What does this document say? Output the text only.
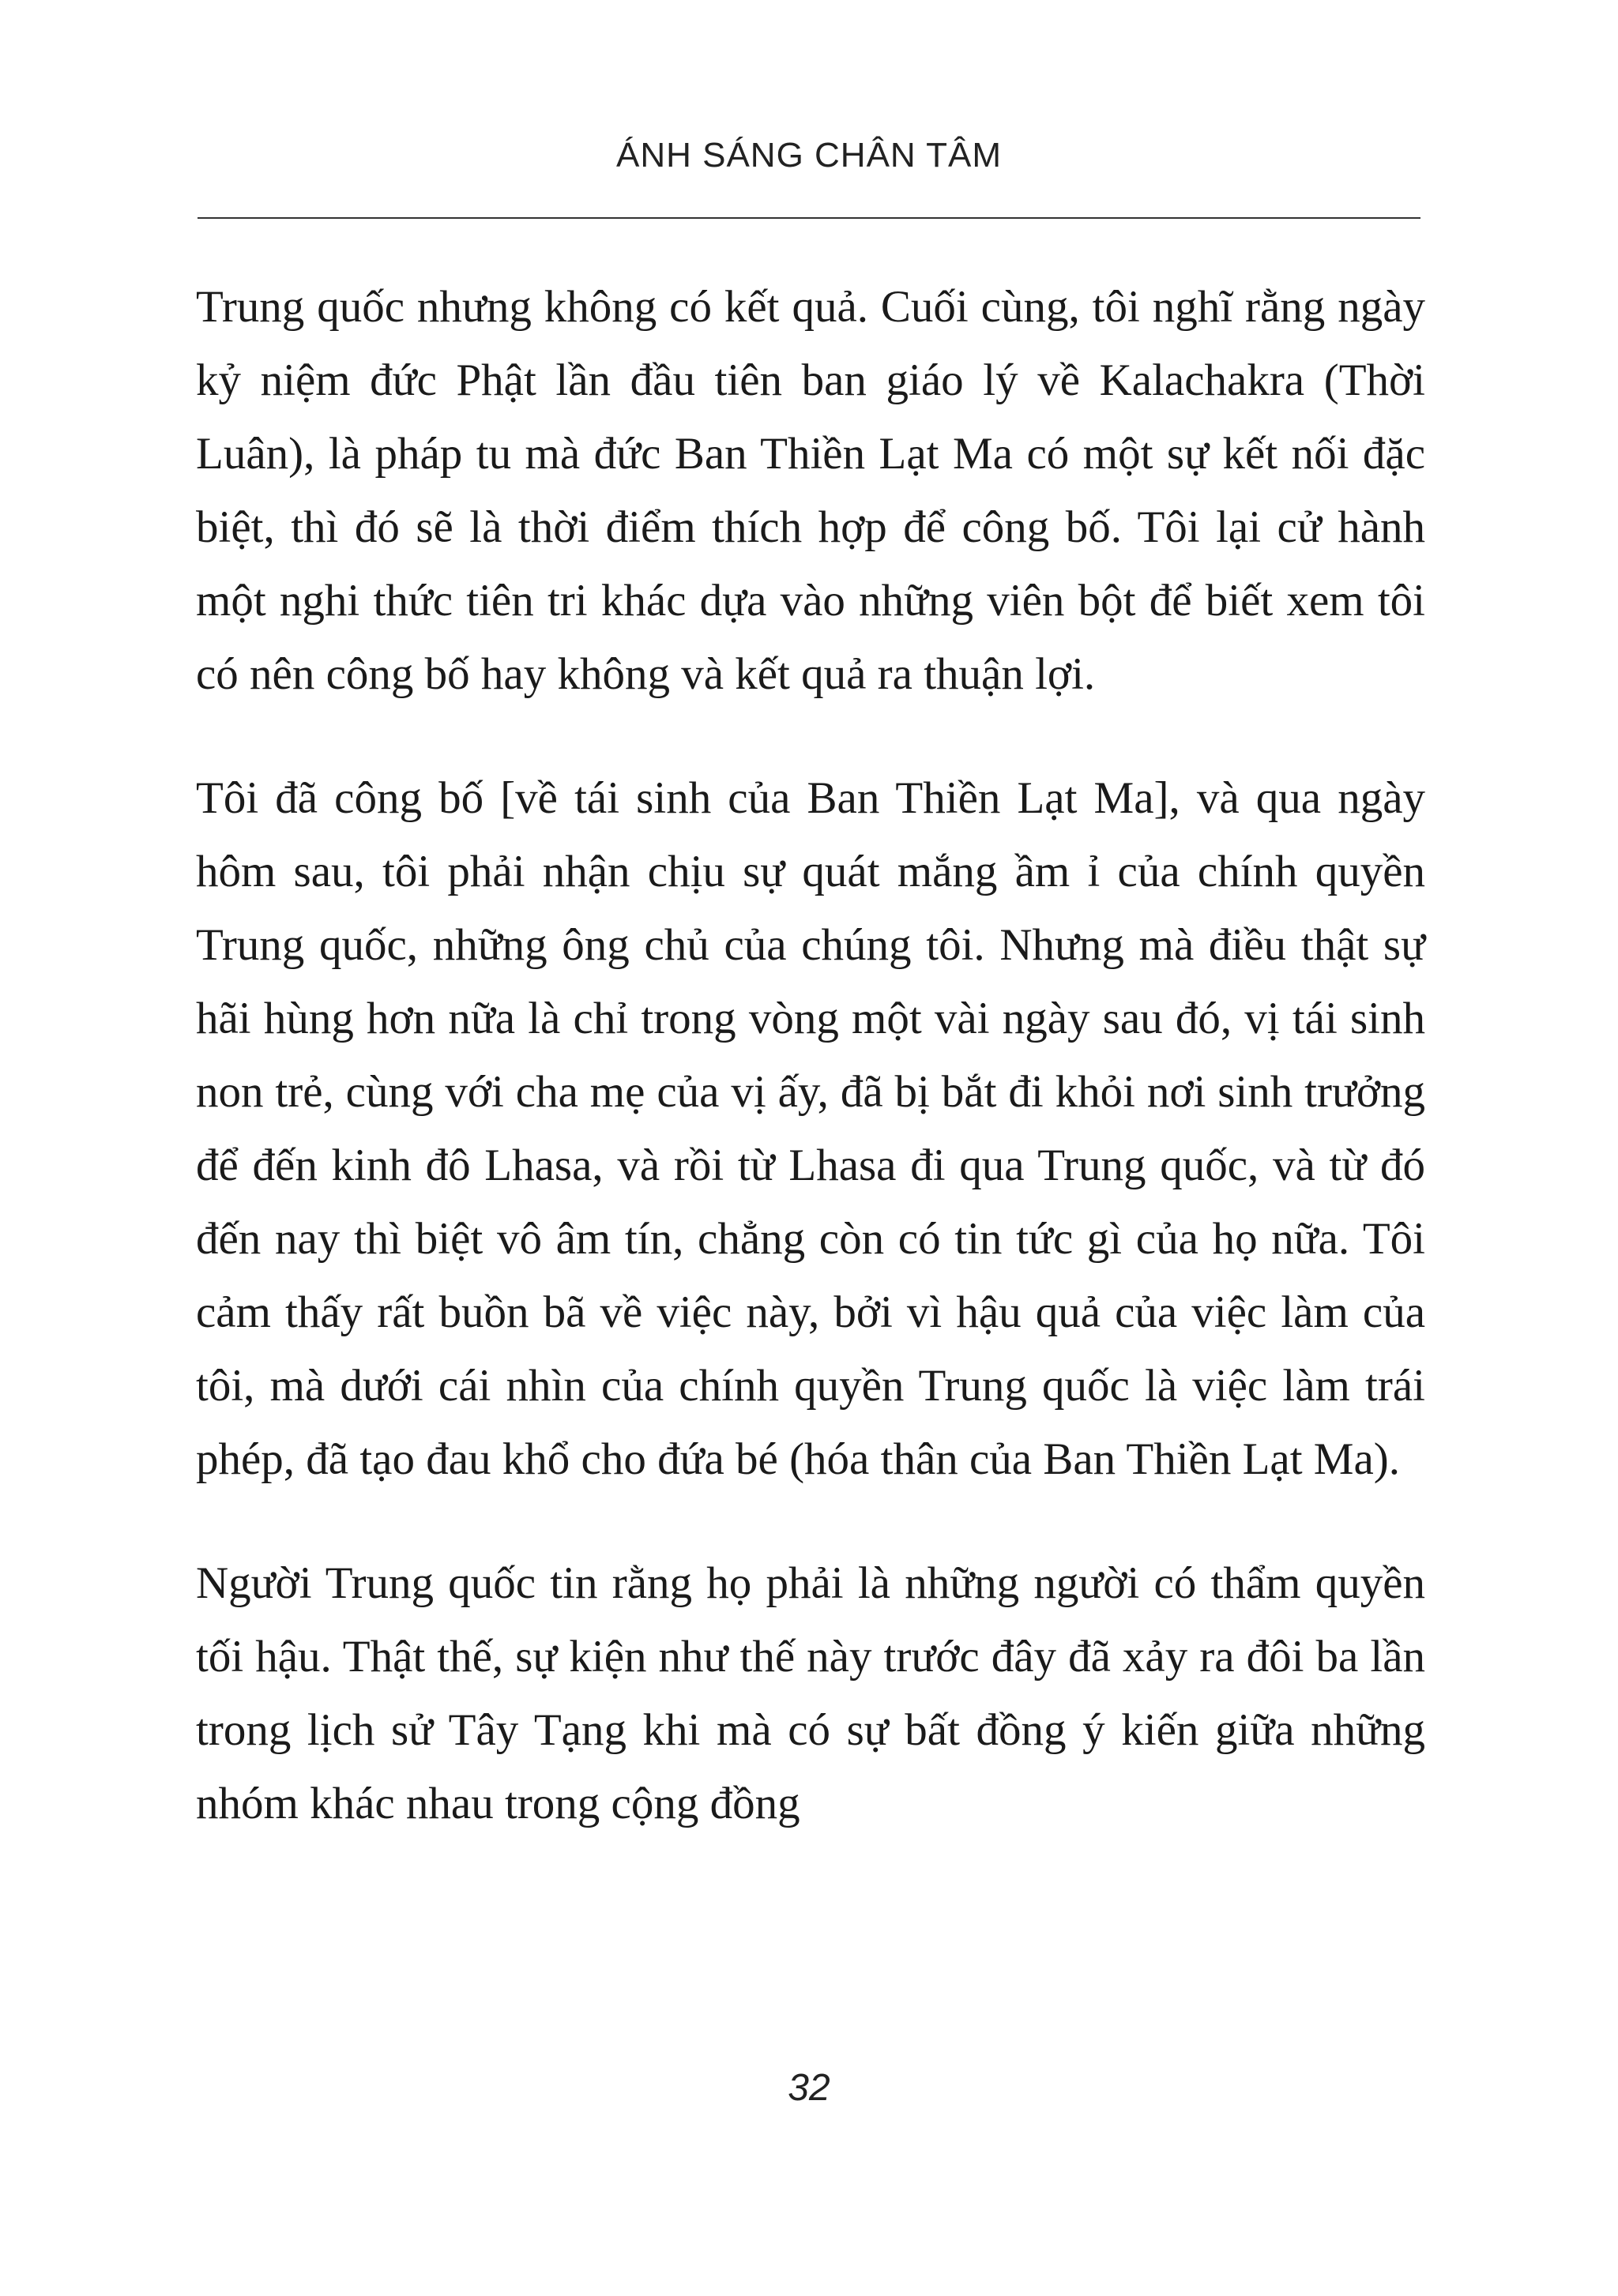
ÁNH SÁNG CHÂN TÂM

Trung quốc nhưng không có kết quả. Cuối cùng, tôi nghĩ rằng ngày kỷ niệm đức Phật lần đầu tiên ban giáo lý về Kalachakra (Thời Luân), là pháp tu mà đức Ban Thiền Lạt Ma có một sự kết nối đặc biệt, thì đó sẽ là thời điểm thích hợp để công bố. Tôi lại cử hành một nghi thức tiên tri khác dựa vào những viên bột để biết xem tôi có nên công bố hay không và kết quả ra thuận lợi.

Tôi đã công bố [về tái sinh của Ban Thiền Lạt Ma], và qua ngày hôm sau, tôi phải nhận chịu sự quát mắng ầm ỉ của chính quyền Trung quốc, những ông chủ của chúng tôi. Nhưng mà điều thật sự hãi hùng hơn nữa là chỉ trong vòng một vài ngày sau đó, vị tái sinh non trẻ, cùng với cha mẹ của vị ấy, đã bị bắt đi khỏi nơi sinh trưởng để đến kinh đô Lhasa, và rồi từ Lhasa đi qua Trung quốc, và từ đó đến nay thì biệt vô âm tín, chẳng còn có tin tức gì của họ nữa. Tôi cảm thấy rất buồn bã về việc này, bởi vì hậu quả của việc làm của tôi, mà dưới cái nhìn của chính quyền Trung quốc là việc làm trái phép, đã tạo đau khổ cho đứa bé (hóa thân của Ban Thiền Lạt Ma).

Người Trung quốc tin rằng họ phải là những người có thẩm quyền tối hậu. Thật thế, sự kiện như thế này trước đây đã xảy ra đôi ba lần trong lịch sử Tây Tạng khi mà có sự bất đồng ý kiến giữa những nhóm khác nhau trong cộng đồng

32
